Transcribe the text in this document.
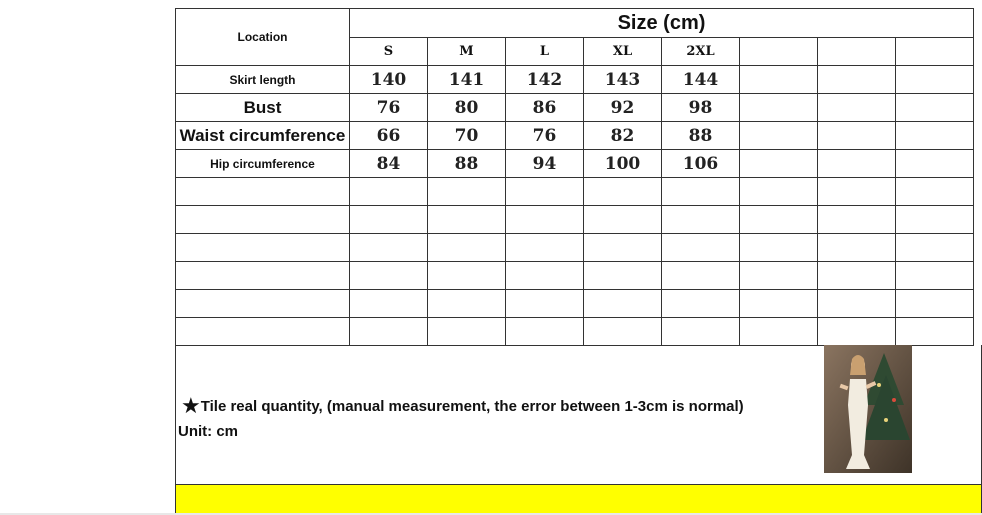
Location	Size (cm)							
	S	M	L	XL	2XL			
Skirt length	140	141	142	143	144			
Bust	76	80	86	92	98			
Waist circumference	66	70	76	82	88			
Hip circumference	84	88	94	100	106			

★Tile real quantity, (manual measurement, the error between 1-3cm is normal)
Unit: cm
